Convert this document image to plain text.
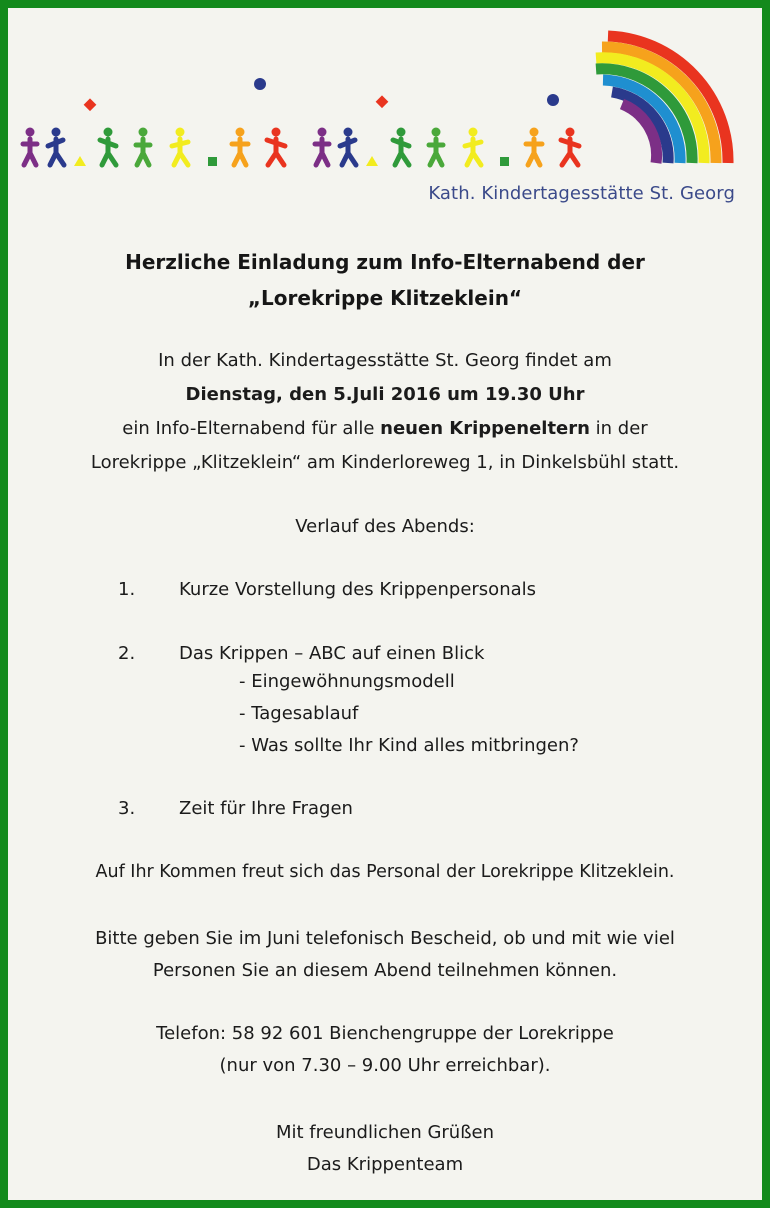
Kath. Kindertagesstätte St. Georg
Herzliche Einladung zum Info-Elternabend der
„Lorekrippe Klitzeklein“
In der Kath. Kindertagesstätte St. Georg findet am
Dienstag, den 5.Juli 2016 um 19.30 Uhr
ein Info-Elternabend für alle neuen Krippeneltern in der
Lorekrippe „Klitzeklein“ am Kinderloreweg 1, in Dinkelsbühl statt.
Verlauf des Abends:
1. Kurze Vorstellung des Krippenpersonals
2. Das Krippen – ABC auf einen Blick
- Eingewöhnungsmodell
- Tagesablauf
- Was sollte Ihr Kind alles mitbringen?
3. Zeit für Ihre Fragen
Auf Ihr Kommen freut sich das Personal der Lorekrippe Klitzeklein.
Bitte geben Sie im Juni telefonisch Bescheid, ob und mit wie viel
Personen Sie an diesem Abend teilnehmen können.
Telefon: 58 92 601 Bienchengruppe der Lorekrippe
(nur von 7.30 – 9.00 Uhr erreichbar).
Mit freundlichen Grüßen
Das Krippenteam
